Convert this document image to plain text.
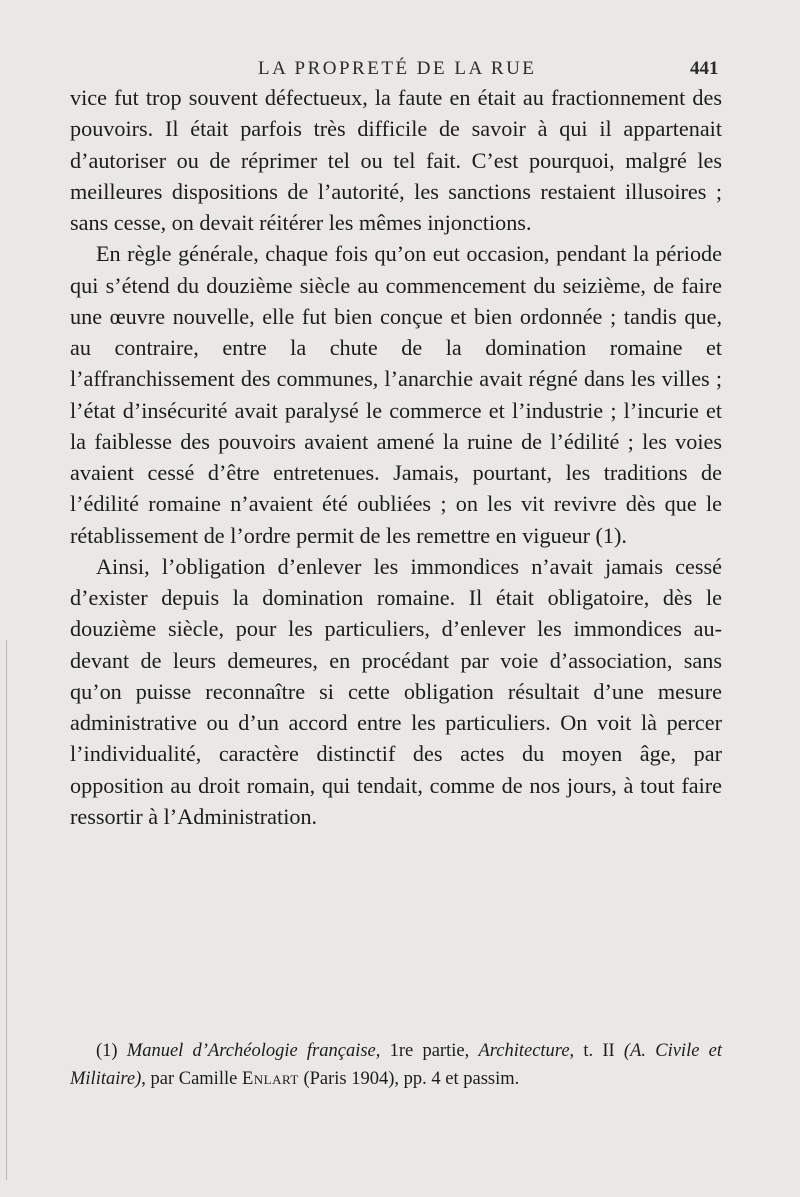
LA PROPRETÉ DE LA RUE	441

vice fut trop souvent défectueux, la faute en était au fractionnement des pouvoirs. Il était parfois très difficile de savoir à qui il appartenait d’autoriser ou de réprimer tel ou tel fait. C’est pourquoi, malgré les meilleures dispositions de l’autorité, les sanctions restaient illusoires ; sans cesse, on devait réitérer les mêmes injonctions.

En règle générale, chaque fois qu’on eut occasion, pendant la période qui s’étend du douzième siècle au commencement du seizième, de faire une œuvre nouvelle, elle fut bien conçue et bien ordonnée ; tandis que, au contraire, entre la chute de la domination romaine et l’affranchissement des communes, l’anarchie avait régné dans les villes ; l’état d’insécurité avait paralysé le commerce et l’industrie ; l’incurie et la faiblesse des pouvoirs avaient amené la ruine de l’édilité ; les voies avaient cessé d’être entretenues. Jamais, pourtant, les traditions de l’édilité romaine n’avaient été oubliées ; on les vit revivre dès que le rétablissement de l’ordre permit de les remettre en vigueur (1).

Ainsi, l’obligation d’enlever les immondices n’avait jamais cessé d’exister depuis la domination romaine. Il était obligatoire, dès le douzième siècle, pour les particuliers, d’enlever les immondices au-devant de leurs demeures, en procédant par voie d’association, sans qu’on puisse reconnaître si cette obligation résultait d’une mesure administrative ou d’un accord entre les particuliers. On voit là percer l’individualité, caractère distinctif des actes du moyen âge, par opposition au droit romain, qui tendait, comme de nos jours, à tout faire ressortir à l’Administration.

(1) Manuel d’Archéologie française, 1re partie, Architecture, t. II (A. Civile et Militaire), par Camille Enlart (Paris 1904), pp. 4 et passim.
